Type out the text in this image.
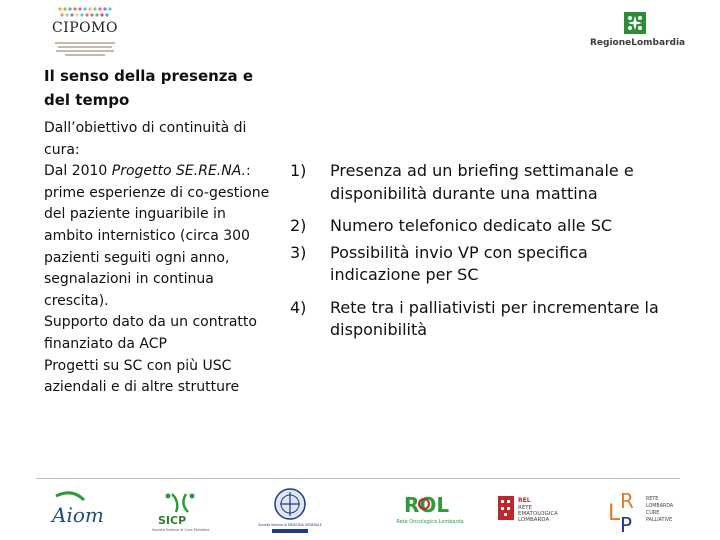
CIPOMO
RegioneLombardia
Il senso della presenza e del tempo

Dall’obiettivo di continuità di cura:

Dal 2010 Progetto SE.RE.NA.: prime esperienze di co-gestione del paziente inguaribile in ambito internistico (circa 300 pazienti seguiti ogni anno, segnalazioni in continua crescita).

Supporto dato da un contratto finanziato da ACP

Progetti su SC con più USC aziendali e di altre strutture

1)	Presenza ad un briefing settimanale e disponibilità durante una mattina
2)	Numero telefonico dedicato alle SC
3)	Possibilità invio VP con specifica indicazione per SC
4)	Rete tra i palliativisti per incrementare la disponibilità
Aiom	SICP
Società Italiana di Cure Palliative
Società Italiana di MEDICINA GENERALE
ROL
Rete Oncologica Lombarda
REL
RETE
EMATOLOGICA
LOMBARDA	L R
P
RETE
LOMBARDA
CURE
PALLIATIVE
